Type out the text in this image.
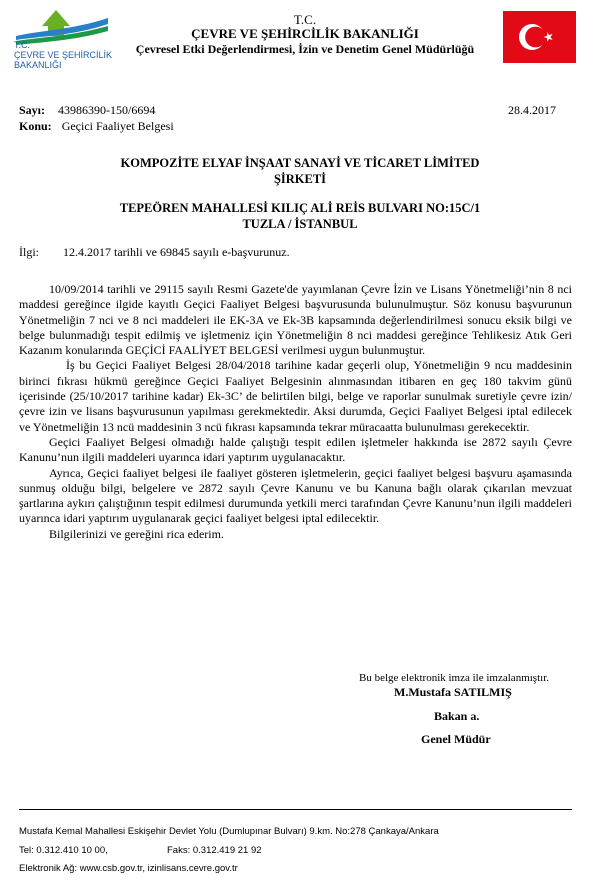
T.C.
ÇEVRE VE ŞEHİRCİLİK
BAKANLIĞI
T.C.
ÇEVRE VE ŞEHİRCİLİK BAKANLIĞI
Çevresel Etki Değerlendirmesi, İzin ve Denetim Genel Müdürlüğü
Sayı: 43986390-150/6694	28.4.2017
Konu: Geçici Faaliyet Belgesi
KOMPOZİTE ELYAF İNŞAAT SANAYİ VE TİCARET LİMİTED
ŞİRKETİ
TEPEÖREN MAHALLESİ KILIÇ ALİ REİS BULVARI NO:15C/1
TUZLA / İSTANBUL
İlgi: 12.4.2017 tarihli ve 69845 sayılı e-başvurunuz.

10/09/2014 tarihli ve 29115 sayılı Resmi Gazete'de yayımlanan Çevre İzin ve Lisans Yönetmeliği’nin 8 nci maddesi gereğince ilgide kayıtlı Geçici Faaliyet Belgesi başvurusunda bulunulmuştur. Söz konusu başvurunun Yönetmeliğin 7 nci ve 8 nci maddeleri ile EK-3A ve Ek-3B kapsamında değerlendirilmesi sonucu eksik bilgi ve belge bulunmadığı tespit edilmiş ve işletmeniz için Yönetmeliğin 8 nci maddesi gereğince Tehlikesiz Atık Geri Kazanım konularında GEÇİCİ FAALİYET BELGESİ verilmesi uygun bulunmuştur.

İş bu Geçici Faaliyet Belgesi 28/04/2018 tarihine kadar geçerli olup, Yönetmeliğin 9 ncu maddesinin birinci fıkrası hükmü gereğince Geçici Faaliyet Belgesinin alınmasından itibaren en geç 180 takvim günü içerisinde (25/10/2017 tarihine kadar) Ek-3C’ de belirtilen bilgi, belge ve raporlar sunulmak suretiyle çevre izin/çevre izin ve lisans başvurusunun yapılması gerekmektedir. Aksi durumda, Geçici Faaliyet Belgesi iptal edilecek ve Yönetmeliğin 13 ncü maddesinin 3 ncü fıkrası kapsamında tekrar müracaatta bulunulması gerekecektir.

Geçici Faaliyet Belgesi olmadığı halde çalıştığı tespit edilen işletmeler hakkında ise 2872 sayılı Çevre Kanunu’nun ilgili maddeleri uyarınca idari yaptırım uygulanacaktır.

Ayrıca, Geçici faaliyet belgesi ile faaliyet gösteren işletmelerin, geçici faaliyet belgesi başvuru aşamasında sunmuş olduğu bilgi, belgelere ve 2872 sayılı Çevre Kanunu ve bu Kanuna bağlı olarak çıkarılan mevzuat şartlarına aykırı çalıştığının tespit edilmesi durumunda yetkili merci tarafından Çevre Kanunu’nun ilgili maddeleri uyarınca idari yaptırım uygulanarak geçici faaliyet belgesi iptal edilecektir.

Bilgilerinizi ve gereğini rica ederim.

Bu belge elektronik imza ile imzalanmıştır.
M.Mustafa SATILMIŞ
Bakan a.
Genel Müdür
Mustafa Kemal Mahallesi Eskişehir Devlet Yolu (Dumlupınar Bulvarı) 9.km. No:278 Çankaya/Ankara
Tel: 0.312.410 10 00,	Faks: 0.312.419 21 92
Elektronik Ağ: www.csb.gov.tr, izinlisans.cevre.gov.tr
